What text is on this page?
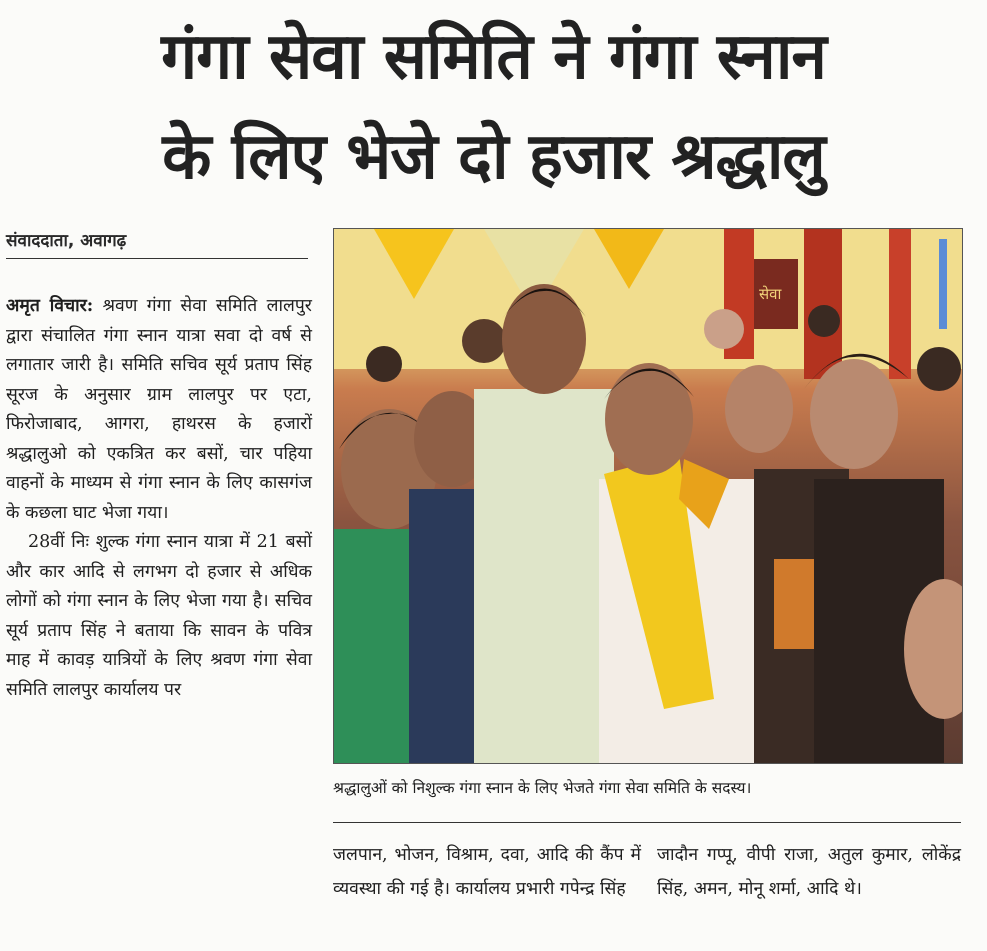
गंगा सेवा समिति ने गंगा स्नान
के लिए भेजे दो हजार श्रद्धालु
संवाददाता, अवागढ़

अमृत विचार: श्रवण गंगा सेवा समिति लालपुर द्वारा संचालित गंगा स्नान यात्रा सवा दो वर्ष से लगातार जारी है। समिति सचिव सूर्य प्रताप सिंह सूरज के अनुसार ग्राम लालपुर पर एटा, फिरोजाबाद, आगरा, हाथरस के हजारों श्रद्धालुओ को एकत्रित कर बसों, चार पहिया वाहनों के माध्यम से गंगा स्नान के लिए कासगंज के कछला घाट भेजा गया।

28वीं निः शुल्क गंगा स्नान यात्रा में 21 बसों और कार आदि से लगभग दो हजार से अधिक लोगों को गंगा स्नान के लिए भेजा गया है। सचिव सूर्य प्रताप सिंह ने बताया कि सावन के पवित्र माह में कावड़ यात्रियों के लिए श्रवण गंगा सेवा समिति लालपुर कार्यालय पर

सेवा
श्रद्धालुओं को निशुल्क गंगा स्नान के लिए भेजते गंगा सेवा समिति के सदस्य।

जलपान, भोजन, विश्राम, दवा, आदि की कैंप में व्यवस्था की गई है। कार्यालय प्रभारी गपेन्द्र सिंह

जादौन गप्पू, वीपी राजा, अतुल कुमार, लोकेंद्र सिंह, अमन, मोनू शर्मा, आदि थे।
